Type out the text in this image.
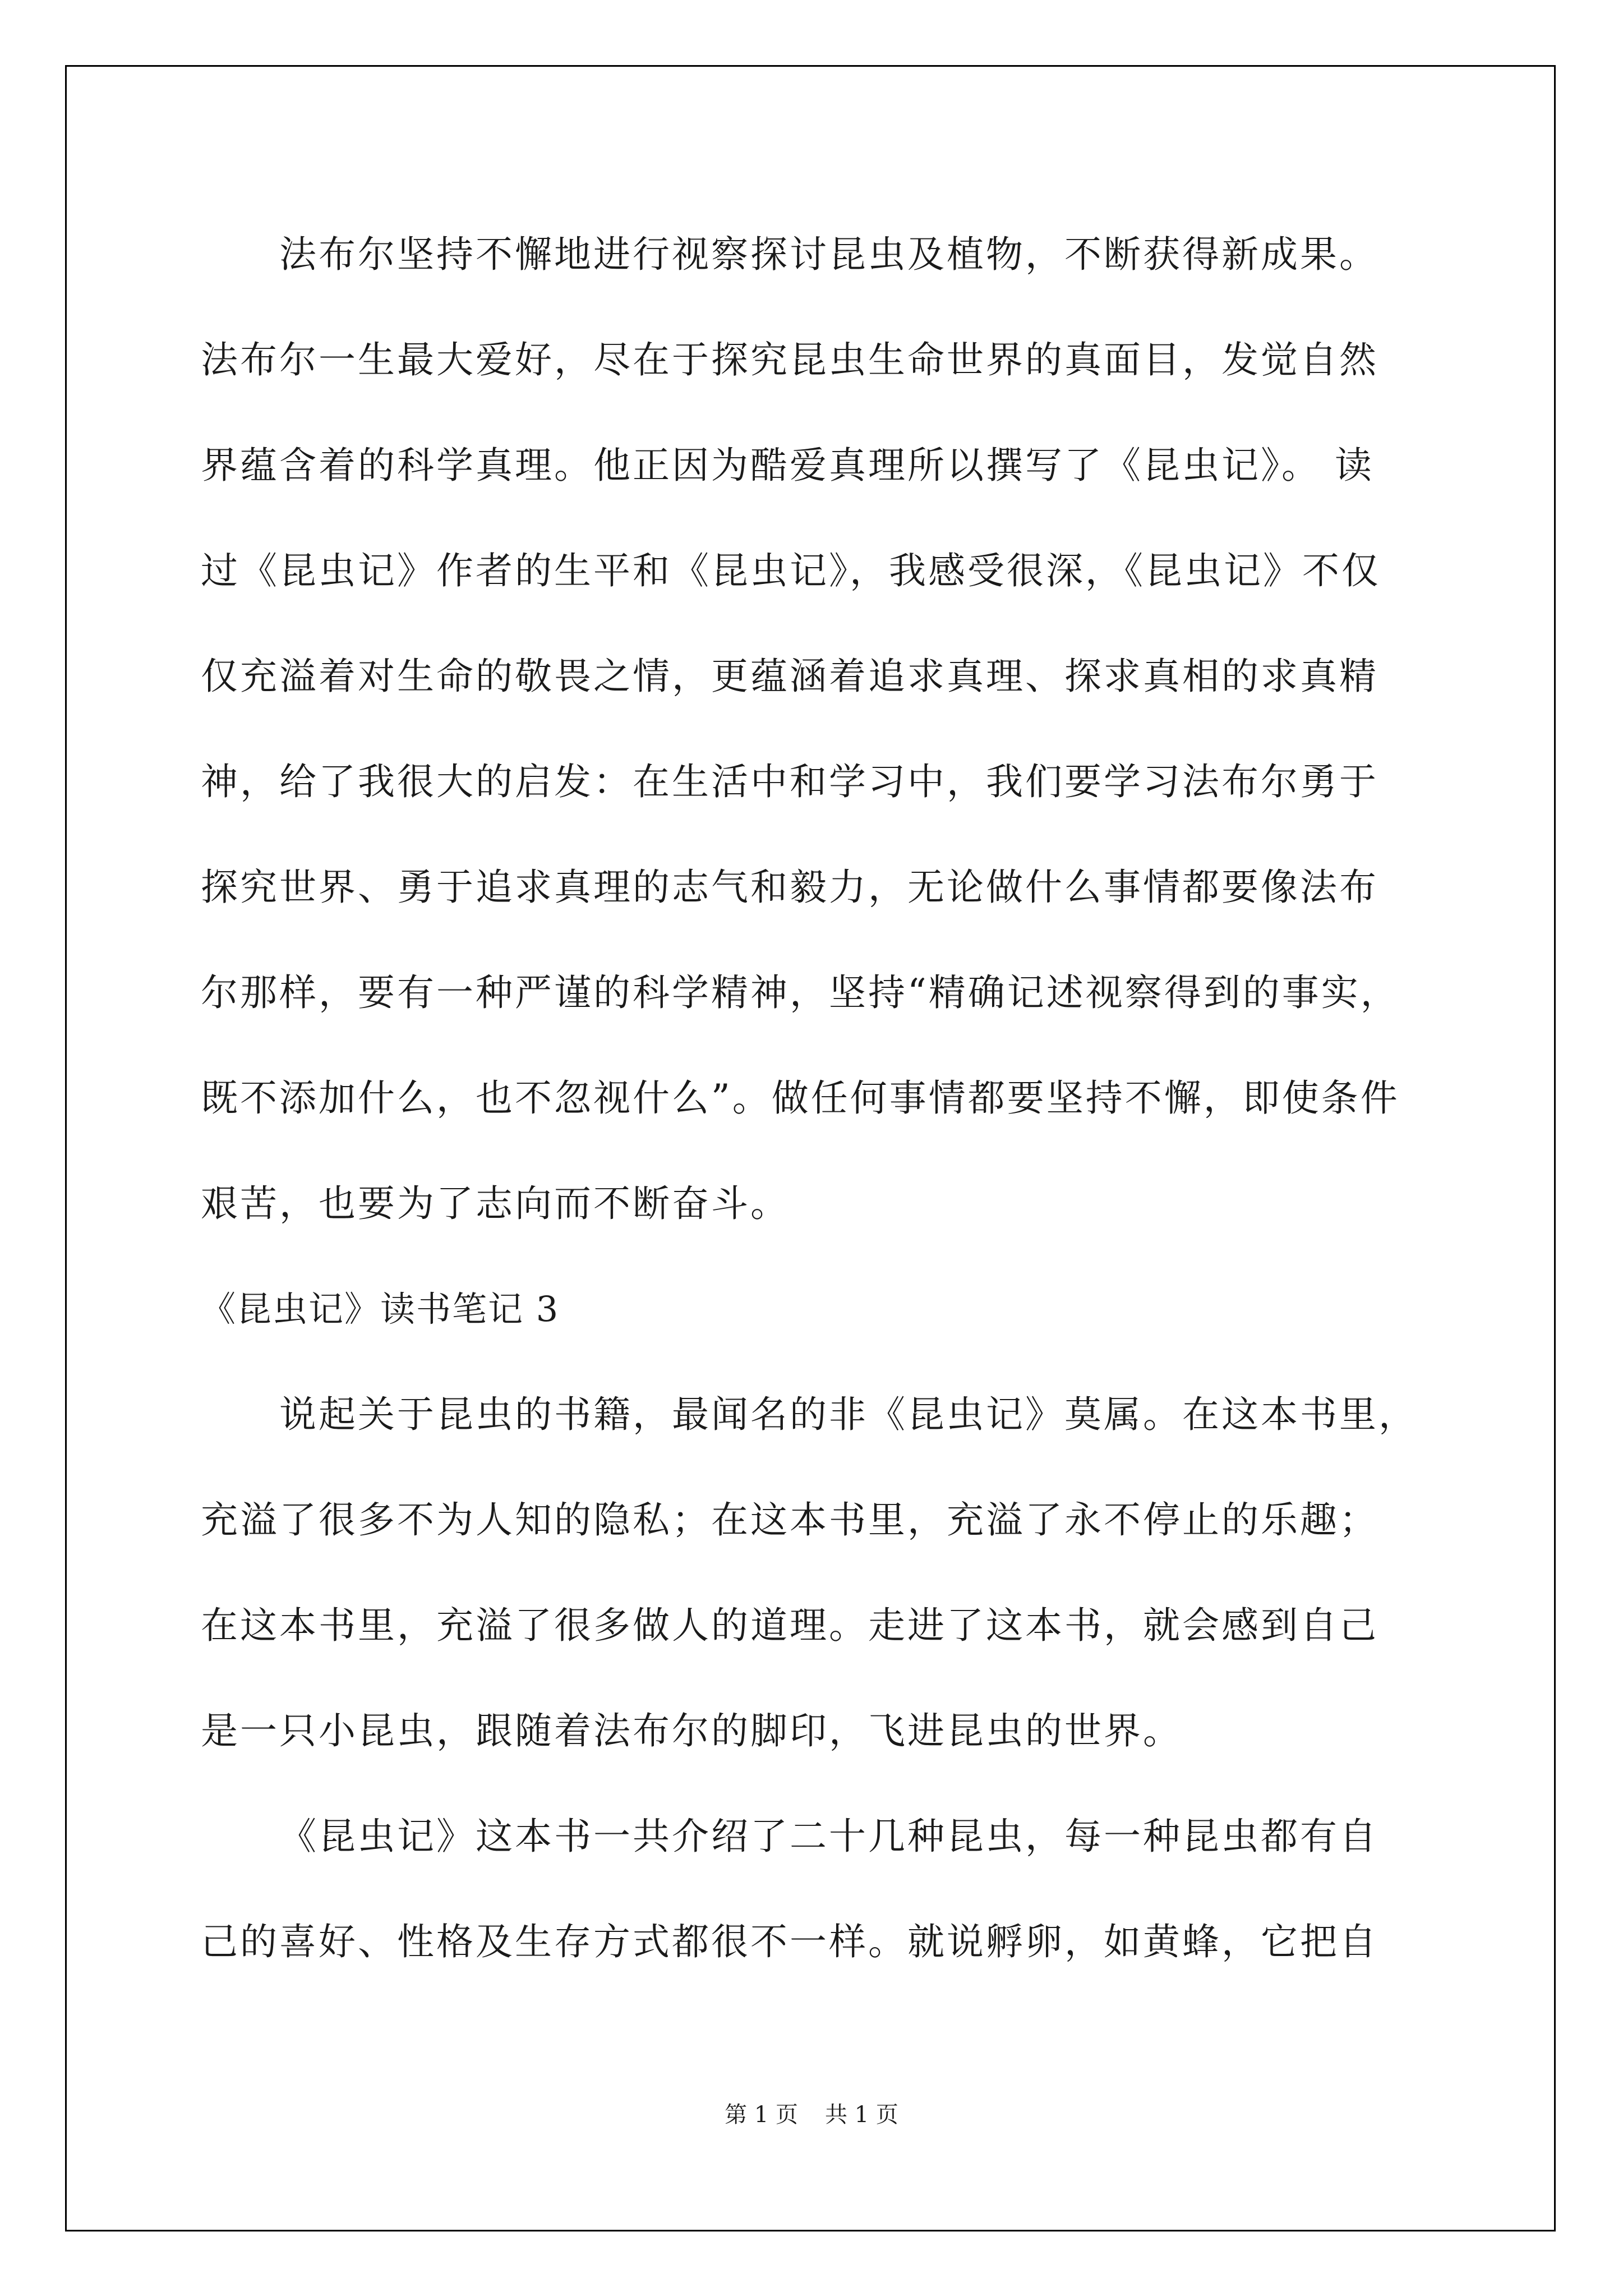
法布尔坚持不懈地进行视察探讨昆虫及植物，不断获得新成果。
法布尔一生最大爱好，尽在于探究昆虫生命世界的真面目，发觉自然
界蕴含着的科学真理。他正因为酷爱真理所以撰写了《昆虫记》。 读
过《昆虫记》作者的生平和《昆虫记》，我感受很深，《昆虫记》不仅
仅充溢着对生命的敬畏之情，更蕴涵着追求真理、探求真相的求真精
神，给了我很大的启发：在生活中和学习中，我们要学习法布尔勇于
探究世界、勇于追求真理的志气和毅力，无论做什么事情都要像法布
尔那样，要有一种严谨的科学精神，坚持“精确记述视察得到的事实，
既不添加什么，也不忽视什么”。做任何事情都要坚持不懈，即使条件
艰苦，也要为了志向而不断奋斗。
《昆虫记》读书笔记 3
说起关于昆虫的书籍，最闻名的非《昆虫记》莫属。在这本书里，
充溢了很多不为人知的隐私；在这本书里，充溢了永不停止的乐趣；
在这本书里，充溢了很多做人的道理。走进了这本书，就会感到自己
是一只小昆虫，跟随着法布尔的脚印，飞进昆虫的世界。
《昆虫记》这本书一共介绍了二十几种昆虫，每一种昆虫都有自
己的喜好、性格及生存方式都很不一样。就说孵卵，如黄蜂，它把自
第 1 页 共 1 页
